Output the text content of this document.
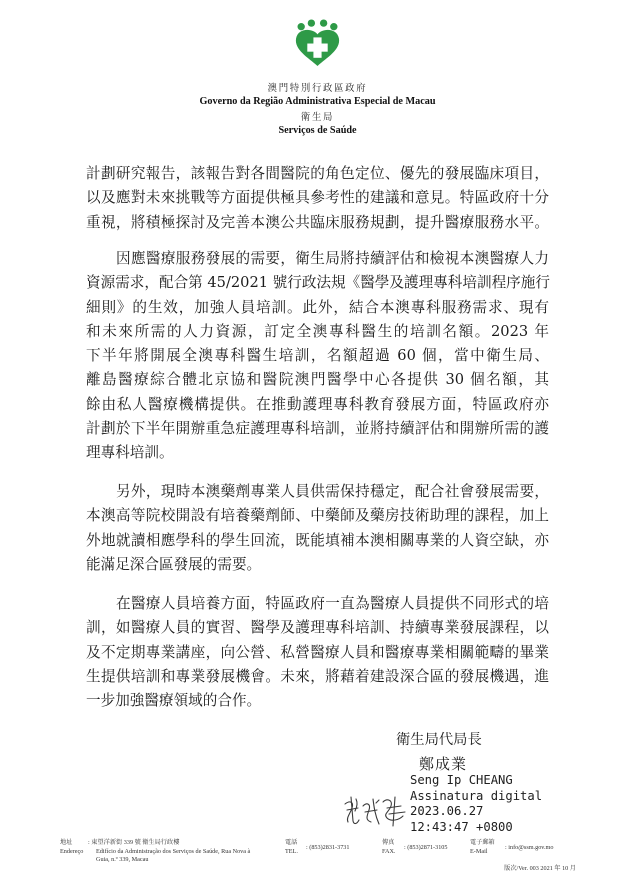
澳門特別行政區政府
Governo da Região Administrativa Especial de Macau
衛生局
Serviços de Saúde
計劃研究報告，該報告對各間醫院的角色定位、優先的發展臨床項目，
以及應對未來挑戰等方面提供極具參考性的建議和意見。特區政府十分
重視，將積極探討及完善本澳公共臨床服務規劃，提升醫療服務水平。
因應醫療服務發展的需要，衛生局將持續評估和檢視本澳醫療人力
資源需求，配合第 45/2021 號行政法規《醫學及護理專科培訓程序施行
細則》的生效，加強人員培訓。此外，結合本澳專科服務需求、現有
和未來所需的人力資源，訂定全澳專科醫生的培訓名額。2023 年
下半年將開展全澳專科醫生培訓，名額超過 60 個，當中衛生局、
離島醫療綜合體北京協和醫院澳門醫學中心各提供 30 個名額，其
餘由私人醫療機構提供。在推動護理專科教育發展方面，特區政府亦
計劃於下半年開辦重急症護理專科培訓，並將持續評估和開辦所需的護
理專科培訓。
另外，現時本澳藥劑專業人員供需保持穩定，配合社會發展需要，
本澳高等院校開設有培養藥劑師、中藥師及藥房技術助理的課程，加上
外地就讀相應學科的學生回流，既能填補本澳相關專業的人資空缺，亦
能滿足深合區發展的需要。
在醫療人員培養方面，特區政府一直為醫療人員提供不同形式的培
訓，如醫療人員的實習、醫學及護理專科培訓、持續專業發展課程，以
及不定期專業講座，向公營、私營醫療人員和醫療專業相關範疇的畢業
生提供培訓和專業發展機會。未來，將藉着建設深合區的發展機遇，進
一步加強醫療領域的合作。
衛生局代局長
鄭成業
Seng Ip CHEANG
Assinatura digital
2023.06.27
12:43:47 +0800
地址
Endereço
: 東望洋新街 339 號 衛生局行政樓
Edifício da Administração dos Serviços de Saúde, Rua Nova à
Guia, n.º 339, Macau
電話
TEL.
: (853)2831-3731
傳真
FAX.
: (853)2871-3105
電子郵箱
E-Mail
: info@ssm.gov.mo
版次/Ver. 003 2021 年 10 月
